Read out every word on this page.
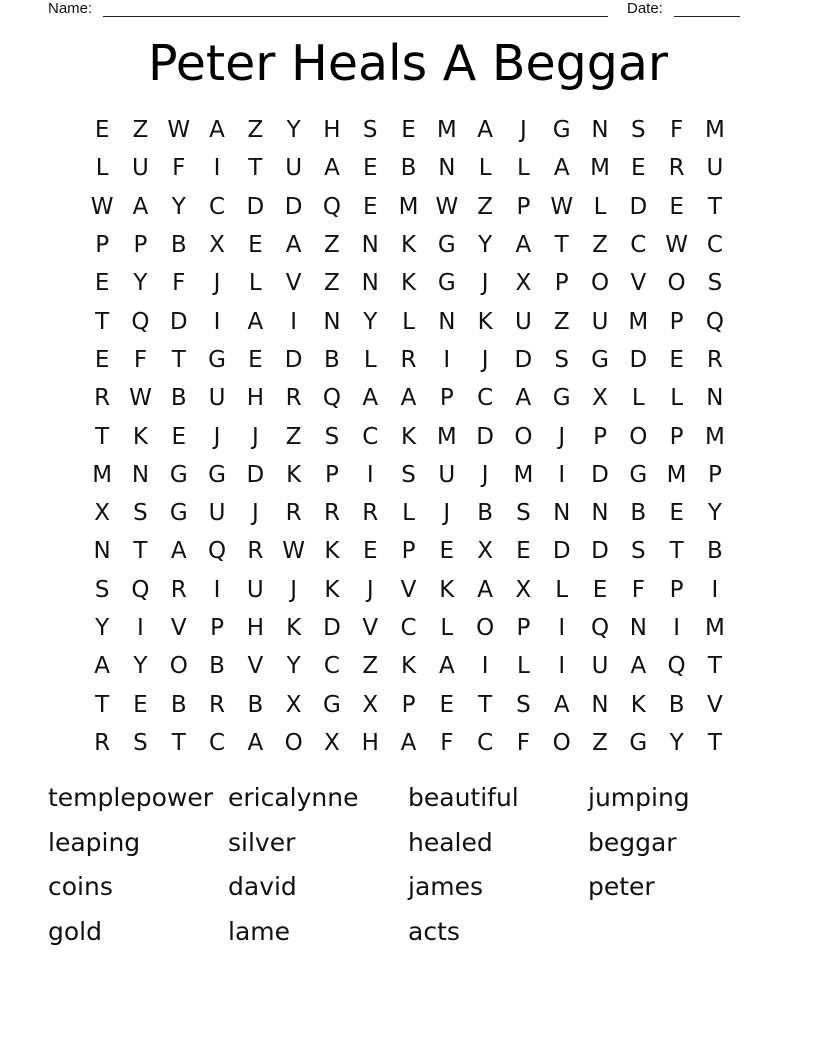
Name:	Date:
Peter Heals A Beggar
E	Z W A Z	Y H S	E M A	J	G N S	F M
L	U	F	I	T U A	E	B N	L	L	A M E	R U
W A	Y	C D D Q E M W Z	P W L	D E	T
P	P	B X	E	A Z N K G Y	A	T	Z C W C
E	Y	F	J	L	V Z N K G	J	X	P O V O S
T Q D	I	A	I	N Y	L	N K U Z U M P Q
E	F	T G E D B	L	R	I	J	D S G D E	R
R W B U H R Q A A	P	C A G X	L	L	N
T	K	E	J	J	Z	S C K M D O	J	P O P M
M N G G D K	P	I	S U	J	M	I	D G M P
X	S G U	J	R R R	L	J	B	S N N B	E	Y
N T	A Q R W K	E	P	E	X	E D D S	T	B
S Q R	I	U	J	K	J	V K A X	L	E	F	P	I
Y	I	V	P H K D V C	L O P	I	Q N	I	M
A	Y O B V	Y	C Z K A	I	L	I	U A Q T
T	E	B R B X G X	P	E	T	S	A N K B V
R	S	T	C A O X H A	F	C	F O Z G Y	T
templepower ericalynne	beautiful	jumping
leaping	silver	healed	beggar
coins	david	james	peter
gold	lame	acts
